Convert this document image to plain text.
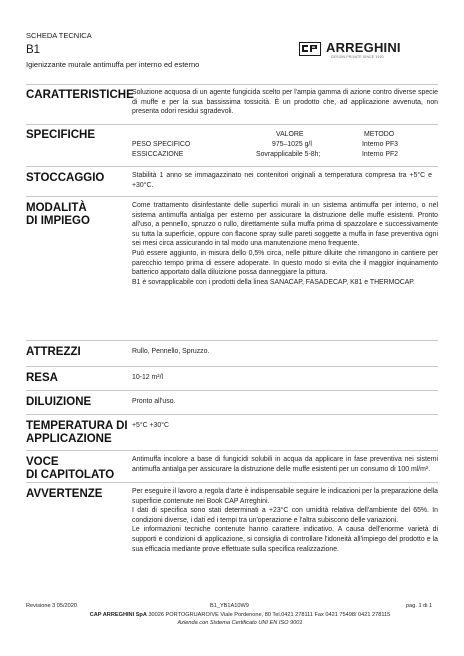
SCHEDA TECNICA
B1
Igienizzante murale antimuffa per interno ed esterno
ARREGHINI
DESIGN PRIVATE SINCE 1920
CARATTERISTICHE
Soluzione acquosa di un agente fungicida scelto per l'ampia gamma di azione contro diverse specie di muffe e per la sua bassissima tossicità. È un prodotto che, ad applicazione avvenuta, non presenta odori residui sgradevoli.
SPECIFICHE	VALORE	METODO
PESO SPECIFICO	975–1025 g/l	Interno PF3
ESSICCAZIONE	Sovrapplicabile 5-8h;	Interno PF2
STOCCAGGIO	Stabilità 1 anno se immagazzinato nei contenitori originali a temperatura compresa tra +5°C e +30°C.
MODALITÀ
DI IMPIEGO
Come trattamento disinfestante delle superfici murali in un sistema antimuffa per interno, o nel sistema antimuffa antialga per esterno per assicurare la distruzione delle muffe esistenti. Pronto all'uso, a pennello, spruzzo o rullo, direttamente sulla muffa prima di spazzolare e successivamente su tutta la superficie, oppure con flacone spray sulle pareti soggette a muffa in fase preventiva ogni sei mesi circa assicurando in tal modo una manutenzione meno frequente.
Può essere aggiunto, in misura dello 0,5% circa, nelle pitture diluite che rimangono in cantiere per parecchio tempo prima di essere adoperate. In questo modo si evita che il maggior inquinamento batterico apportato dalla diluizione possa danneggiare la pittura.
B1 è sovrapplicabile con i prodotti della linea SANACAP, FASADECAP, K81 e THERMOCAP.
ATTREZZI	Rullo, Pennello, Spruzzo.
RESA	10-12 m²/l
DILUIZIONE	Pronto all'uso.
TEMPERATURA DI
APPLICAZIONE
+5°C +30°C
VOCE
DI CAPITOLATO
Antimuffa incolore a base di fungicidi solubili in acqua da applicare in fase preventiva nei sistemi antimuffa antialga per assicurare la distruzione delle muffe esistenti per un consumo di 100 ml/m².
AVVERTENZE	Per eseguire il lavoro a regola d'arte è indispensabile seguire le indicazioni per la preparazione della superficie contenute nei Book CAP Arreghini.
I dati di specifica sono stati determinati a +23°C con umidità relativa dell'ambiente del 65%. In condizioni diverse, i dati ed i tempi tra un'operazione e l'altra subiscono delle variazioni.
Le informazioni tecniche contenute hanno carattere indicativo. A causa dell'enorme varietà di supporti e condizioni di applicazione, si consiglia di controllare l'idoneità all'impiego del prodotto e la sua efficacia mediante prove effettuate sulla specifica realizzazione.
Revisione 3 05/2020	B1_YB1A10W9	pag. 1 di 1
CAP ARREGHINI SpA 30026 PORTOGRUARO/VE Viale Pordenone, 80 Tel.0421 278111 Fax 0421 75498/ 0421 278115
Azienda con Sistema Certificato UNI EN ISO 9001
